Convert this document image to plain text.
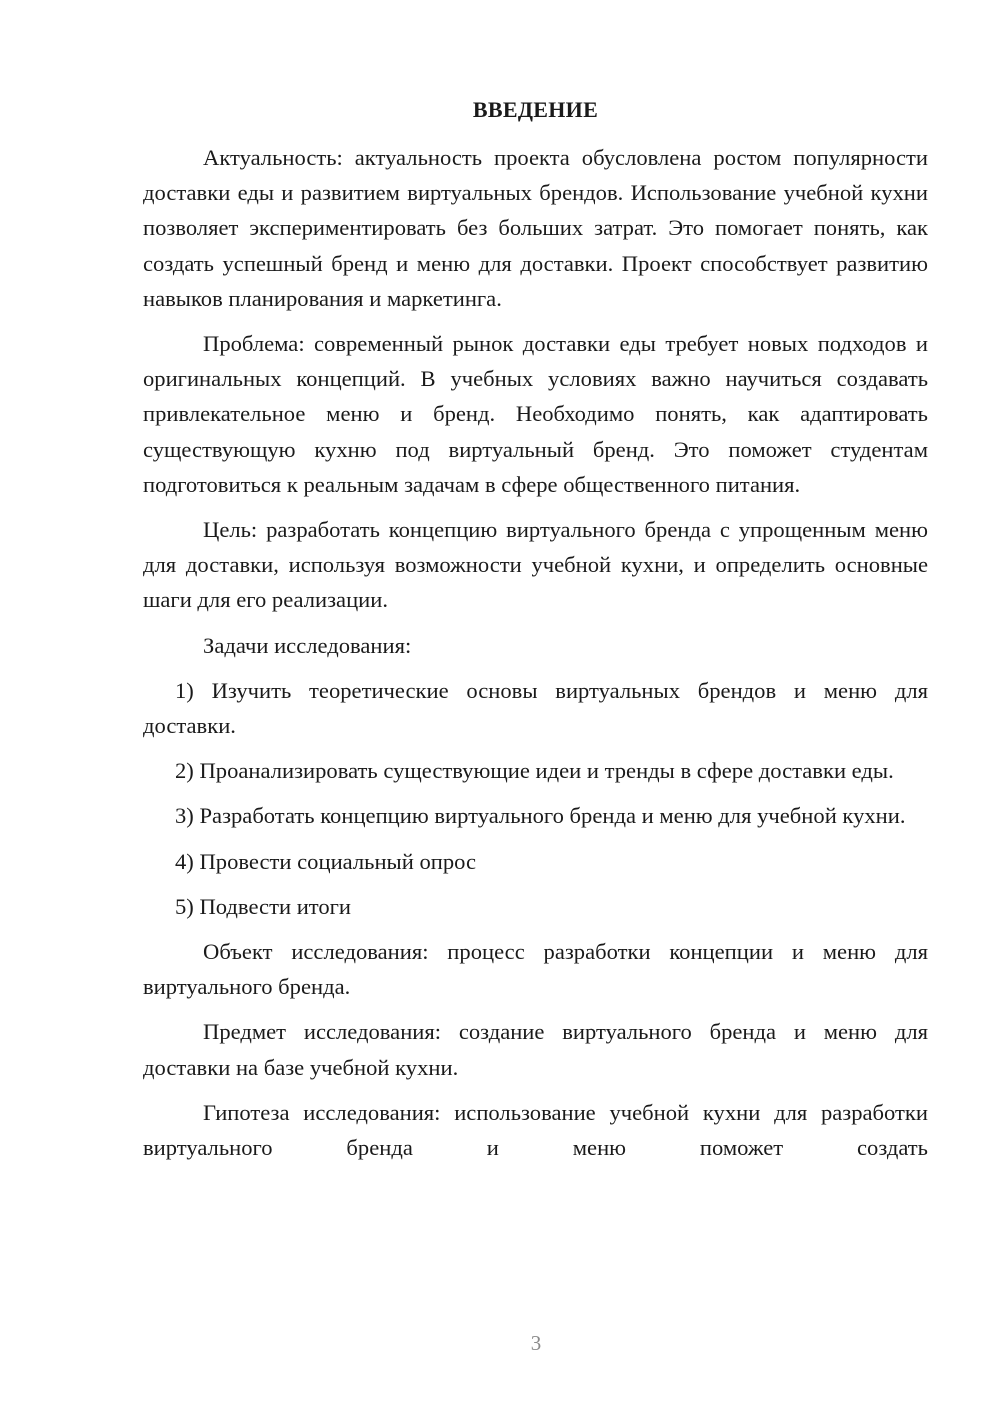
ВВЕДЕНИЕ

Актуальность: актуальность проекта обусловлена ростом популярности доставки еды и развитием виртуальных брендов. Использование учебной кухни позволяет экспериментировать без больших затрат. Это помогает понять, как создать успешный бренд и меню для доставки. Проект способствует развитию навыков планирования и маркетинга.

Проблема: современный рынок доставки еды требует новых подходов и оригинальных концепций. В учебных условиях важно научиться создавать привлекательное меню и бренд. Необходимо понять, как адаптировать существующую кухню под виртуальный бренд. Это поможет студентам подготовиться к реальным задачам в сфере общественного питания.

Цель: разработать концепцию виртуального бренда с упрощенным меню для доставки, используя возможности учебной кухни, и определить основные шаги для его реализации.

Задачи исследования:

1) Изучить теоретические основы виртуальных брендов и меню для доставки.

2) Проанализировать существующие идеи и тренды в сфере доставки еды.

3) Разработать концепцию виртуального бренда и меню для учебной кухни.

4) Провести социальный опрос

5) Подвести итоги

Объект исследования: процесс разработки концепции и меню для виртуального бренда.

Предмет исследования: создание виртуального бренда и меню для доставки на базе учебной кухни.

Гипотеза исследования: использование учебной кухни для разработки виртуального бренда и меню поможет создать

3
